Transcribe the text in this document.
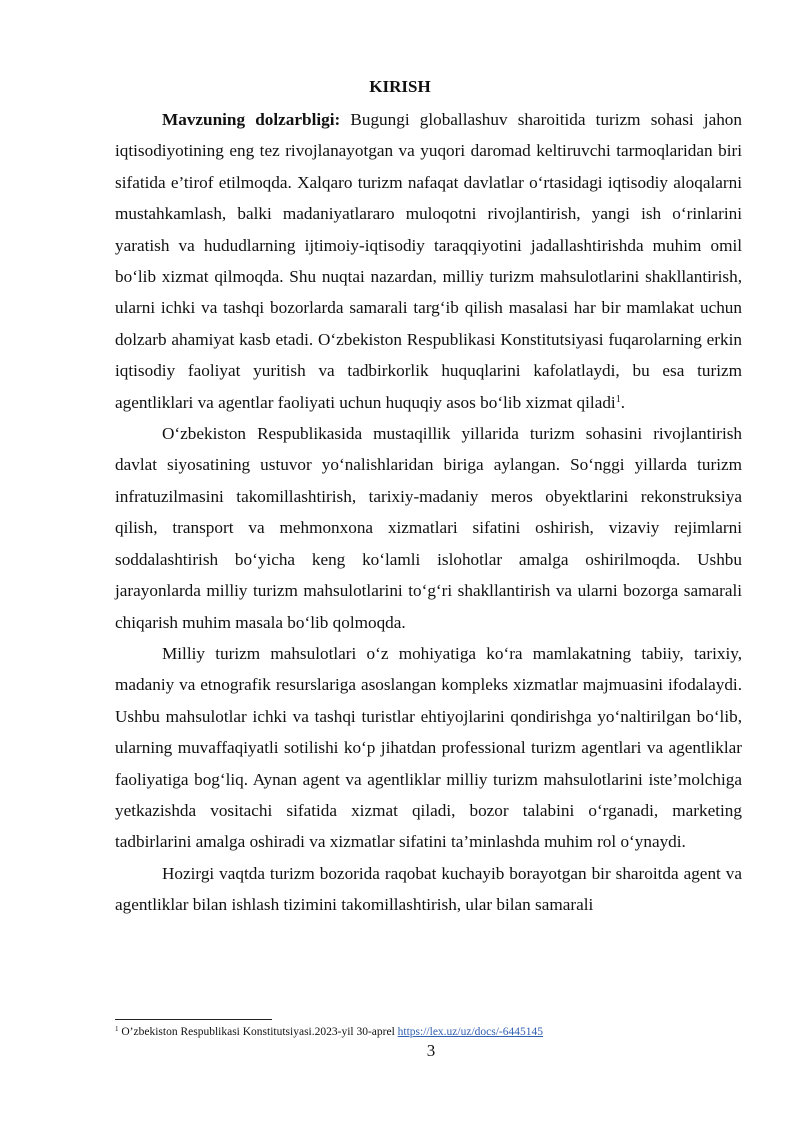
KIRISH

Mavzuning dolzarbligi: Bugungi globallashuv sharoitida turizm sohasi jahon iqtisodiyotining eng tez rivojlanayotgan va yuqori daromad keltiruvchi tarmoqlaridan biri sifatida e’tirof etilmoqda. Xalqaro turizm nafaqat davlatlar o‘rtasidagi iqtisodiy aloqalarni mustahkamlash, balki madaniyatlararo muloqotni rivojlantirish, yangi ish o‘rinlarini yaratish va hududlarning ijtimoiy-iqtisodiy taraqqiyotini jadallashtirishda muhim omil bo‘lib xizmat qilmoqda. Shu nuqtai nazardan, milliy turizm mahsulotlarini shakllantirish, ularni ichki va tashqi bozorlarda samarali targ‘ib qilish masalasi har bir mamlakat uchun dolzarb ahamiyat kasb etadi. O‘zbekiston Respublikasi Konstitutsiyasi fuqarolarning erkin iqtisodiy faoliyat yuritish va tadbirkorlik huquqlarini kafolatlaydi, bu esa turizm agentliklari va agentlar faoliyati uchun huquqiy asos bo‘lib xizmat qiladi$^1$.

O‘zbekiston Respublikasida mustaqillik yillarida turizm sohasini rivojlantirish davlat siyosatining ustuvor yo‘nalishlaridan biriga aylangan. So‘nggi yillarda turizm infratuzilmasini takomillashtirish, tarixiy-madaniy meros obyektlarini rekonstruksiya qilish, transport va mehmonxona xizmatlari sifatini oshirish, vizaviy rejimlarni soddalashtirish bo‘yicha keng ko‘lamli islohotlar amalga oshirilmoqda. Ushbu jarayonlarda milliy turizm mahsulotlarini to‘g‘ri shakllantirish va ularni bozorga samarali chiqarish muhim masala bo‘lib qolmoqda.

Milliy turizm mahsulotlari o‘z mohiyatiga ko‘ra mamlakatning tabiiy, tarixiy, madaniy va etnografik resurslariga asoslangan kompleks xizmatlar majmuasini ifodalaydi. Ushbu mahsulotlar ichki va tashqi turistlar ehtiyojlarini qondirishga yo‘naltirilgan bo‘lib, ularning muvaffaqiyatli sotilishi ko‘p jihatdan professional turizm agentlari va agentliklar faoliyatiga bog‘liq. Aynan agent va agentliklar milliy turizm mahsulotlarini iste’molchiga yetkazishda vositachi sifatida xizmat qiladi, bozor talabini o‘rganadi, marketing tadbirlarini amalga oshiradi va xizmatlar sifatini ta’minlashda muhim rol o‘ynaydi.

Hozirgi vaqtda turizm bozorida raqobat kuchayib borayotgan bir sharoitda agent va agentliklar bilan ishlash tizimini takomillashtirish, ular bilan samarali

$^1$ O’zbekiston Respublikasi Konstitutsiyasi.2023-yil 30-aprel https://lex.uz/uz/docs/-6445145
3
